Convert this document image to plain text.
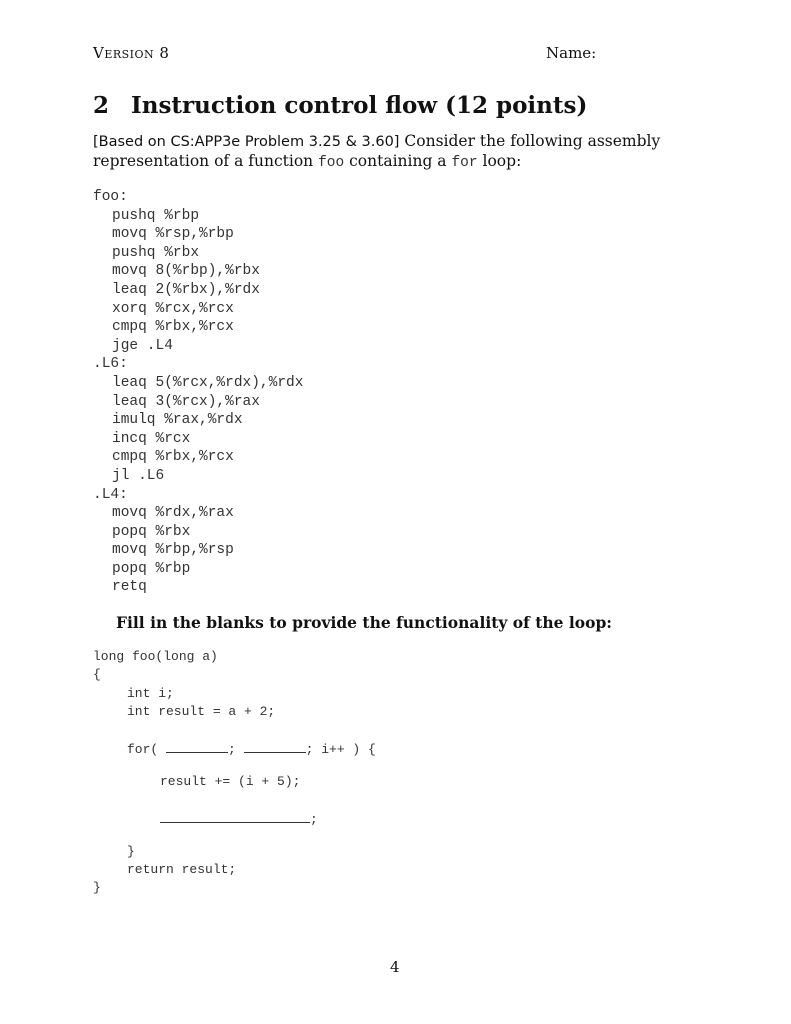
Version 8	Name:
2 Instruction control flow (12 points)
[Based on CS:APP3e Problem 3.25 & 3.60] Consider the following assembly representation of a function foo containing a for loop:
foo:
pushq %rbp
movq %rsp,%rbp
pushq %rbx
movq 8(%rbp),%rbx
leaq 2(%rbx),%rdx
xorq %rcx,%rcx
cmpq %rbx,%rcx
jge .L4
.L6:
leaq 5(%rcx,%rdx),%rdx
leaq 3(%rcx),%rax
imulq %rax,%rdx
incq %rcx
cmpq %rbx,%rcx
jl .L6
.L4:
movq %rdx,%rax
popq %rbx
movq %rbp,%rsp
popq %rbp
retq
Fill in the blanks to provide the functionality of the loop:
long foo(long a)
{
int i;
int result = a + 2;
for(	;	; i++ ) {
result += (i + 5);
;
}
return result;
}
4
